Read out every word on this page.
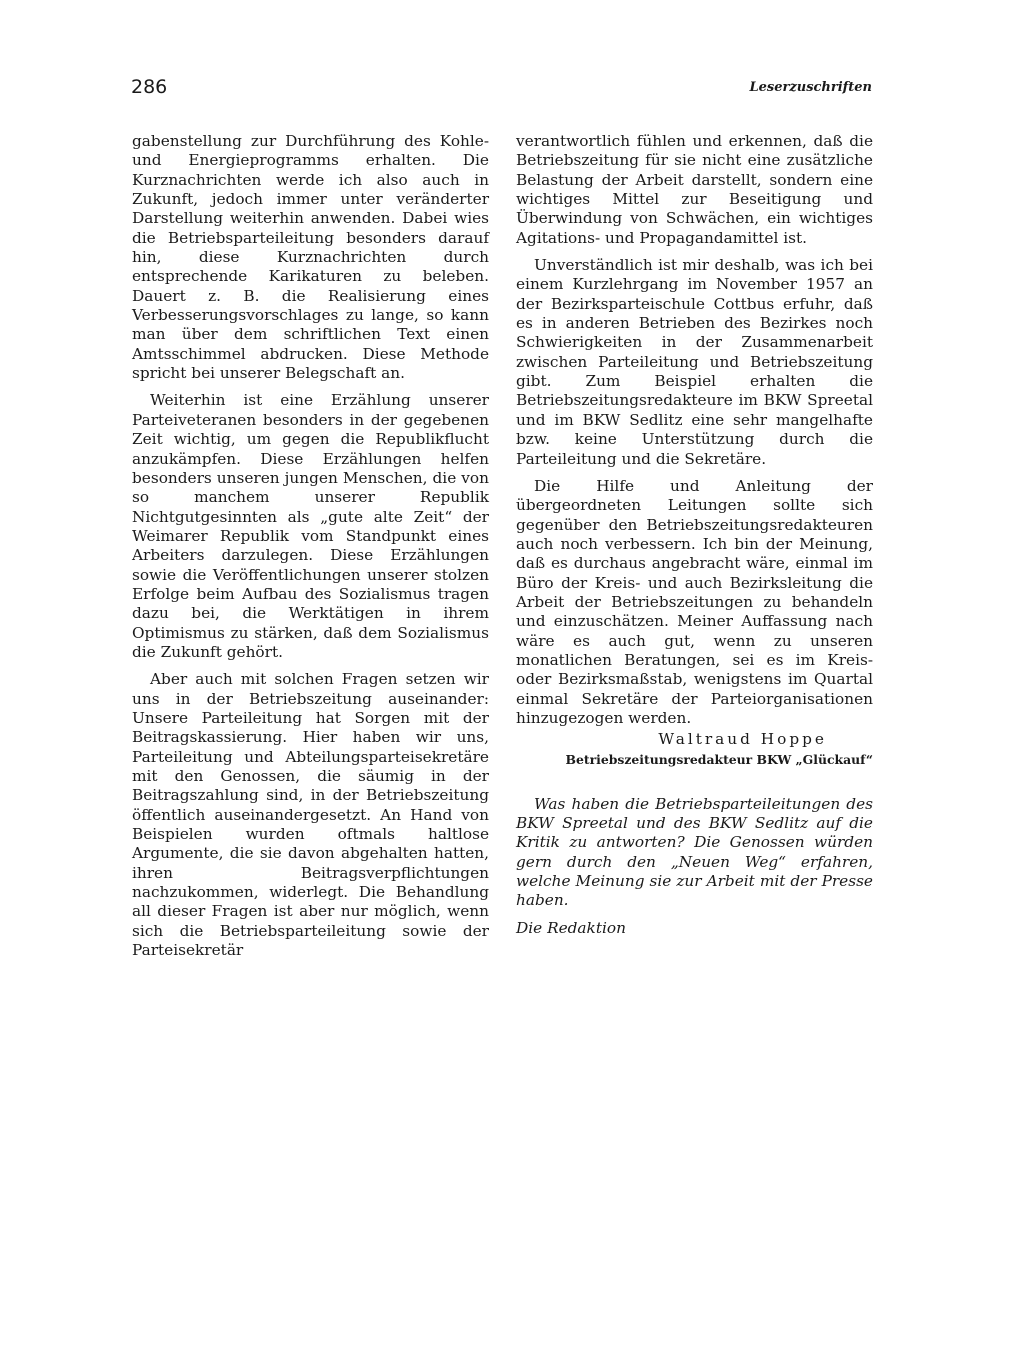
286	Leserzuschriften

gabenstellung zur Durchführung des Kohle- und Energieprogramms erhalten. Die Kurznachrichten werde ich also auch in Zukunft, jedoch immer unter veränderter Darstellung weiterhin anwenden. Dabei wies die Betriebsparteileitung besonders darauf hin, diese Kurznachrichten durch entsprechende Karikaturen zu beleben. Dauert z. B. die Realisierung eines Verbesserungsvorschlages zu lange, so kann man über dem schriftlichen Text einen Amtsschimmel abdrucken. Diese Methode spricht bei unserer Belegschaft an.

Weiterhin ist eine Erzählung unserer Parteiveteranen besonders in der gegebenen Zeit wichtig, um gegen die Republikflucht anzukämpfen. Diese Erzählungen helfen besonders unseren jungen Menschen, die von so manchem unserer Republik Nichtgutgesinnten als „gute alte Zeit“ der Weimarer Republik vom Standpunkt eines Arbeiters darzulegen. Diese Erzählungen sowie die Veröffentlichungen unserer stolzen Erfolge beim Aufbau des Sozialismus tragen dazu bei, die Werktätigen in ihrem Optimismus zu stärken, daß dem Sozialismus die Zukunft gehört.

Aber auch mit solchen Fragen setzen wir uns in der Betriebszeitung auseinander: Unsere Parteileitung hat Sorgen mit der Beitragskassierung. Hier haben wir uns, Parteileitung und Abteilungsparteisekretäre mit den Genossen, die säumig in der Beitragszahlung sind, in der Betriebszeitung öffentlich auseinandergesetzt. An Hand von Beispielen wurden oftmals haltlose Argumente, die sie davon abgehalten hatten, ihren Beitragsverpflichtungen nachzukommen, widerlegt. Die Behandlung all dieser Fragen ist aber nur möglich, wenn sich die Betriebsparteileitung sowie der Parteisekretär

verantwortlich fühlen und erkennen, daß die Betriebszeitung für sie nicht eine zusätzliche Belastung der Arbeit darstellt, sondern eine wichtiges Mittel zur Beseitigung und Überwindung von Schwächen, ein wichtiges Agitations- und Propagandamittel ist.

Unverständlich ist mir deshalb, was ich bei einem Kurzlehrgang im November 1957 an der Bezirksparteischule Cottbus erfuhr, daß es in anderen Betrieben des Bezirkes noch Schwierigkeiten in der Zusammenarbeit zwischen Parteileitung und Betriebszeitung gibt. Zum Beispiel erhalten die Betriebszeitungsredakteure im BKW Spreetal und im BKW Sedlitz eine sehr mangelhafte bzw. keine Unterstützung durch die Parteileitung und die Sekretäre.

Die Hilfe und Anleitung der übergeordneten Leitungen sollte sich gegenüber den Betriebszeitungsredakteuren auch noch verbessern. Ich bin der Meinung, daß es durchaus angebracht wäre, einmal im Büro der Kreis- und auch Bezirksleitung die Arbeit der Betriebszeitungen zu behandeln und einzuschätzen. Meiner Auffassung nach wäre es auch gut, wenn zu unseren monatlichen Beratungen, sei es im Kreis- oder Bezirksmaßstab, wenigstens im Quartal einmal Sekretäre der Parteiorganisationen hinzugezogen werden.

Waltraud Hoppe
Betriebszeitungsredakteur BKW „Glückauf“

Was haben die Betriebsparteileitungen des BKW Spreetal und des BKW Sedlitz auf die Kritik zu antworten? Die Genossen würden gern durch den „Neuen Weg“ erfahren, welche Meinung sie zur Arbeit mit der Presse haben.

Die Redaktion
